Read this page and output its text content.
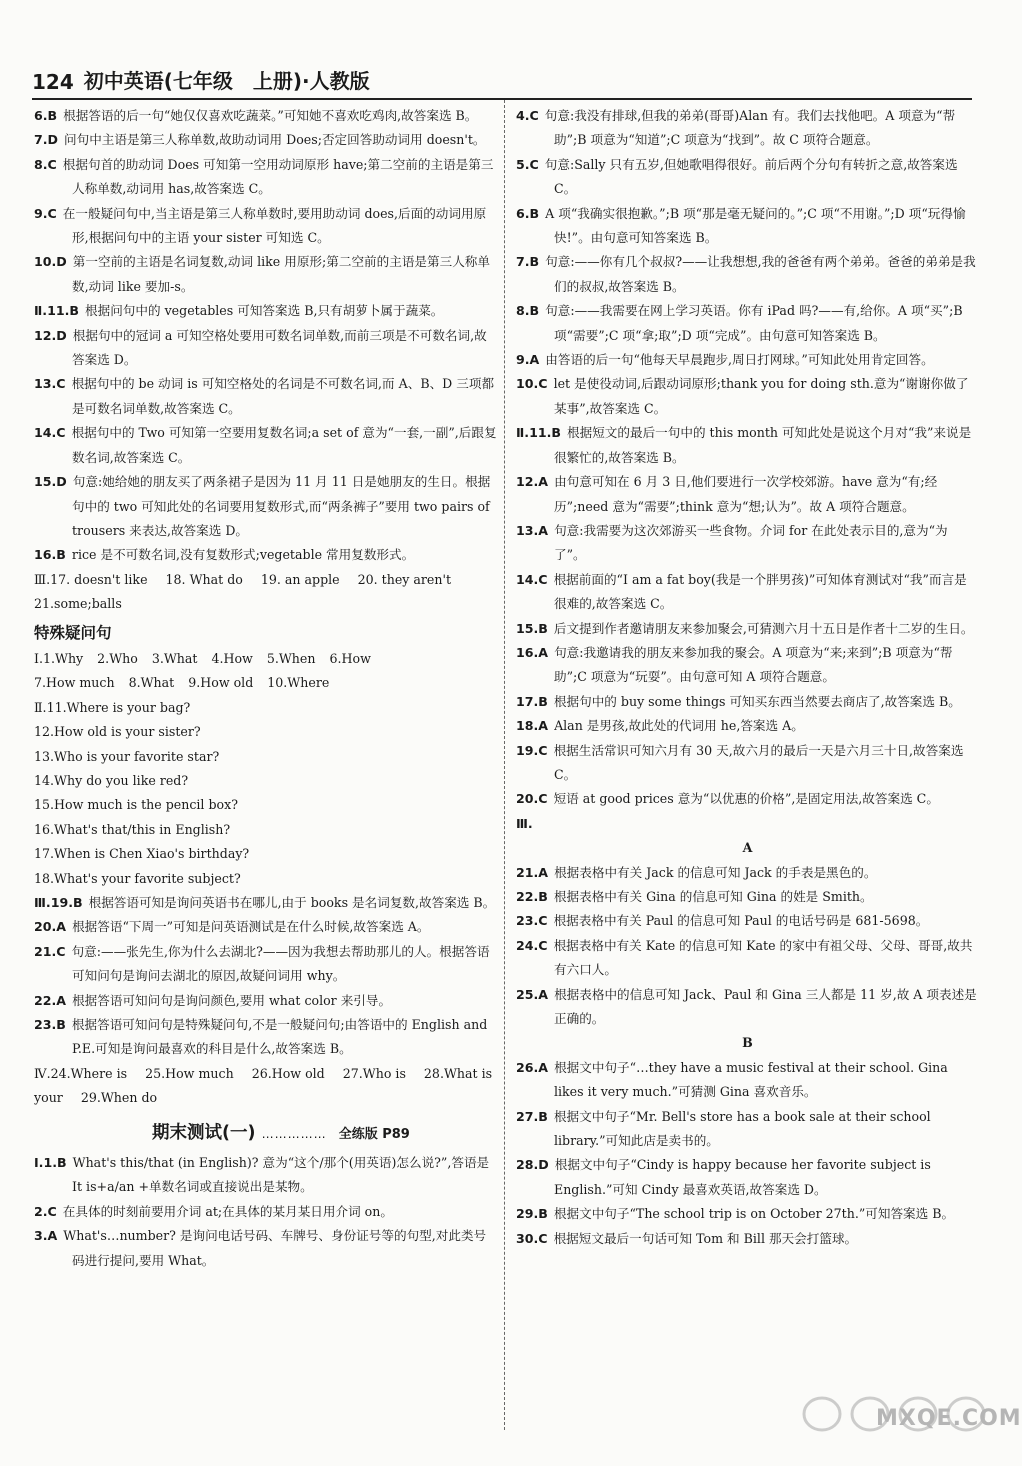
124 初中英语(七年级　上册)·人教版

6.B 根据答语的后一句“她仅仅喜欢吃蔬菜。”可知她不喜欢吃鸡肉,故答案选 B。

7.D 问句中主语是第三人称单数,故助动词用 Does;否定回答助动词用 doesn't。

8.C 根据句首的助动词 Does 可知第一空用动词原形 have;第二空前的主语是第三人称单数,动词用 has,故答案选 C。

9.C 在一般疑问句中,当主语是第三人称单数时,要用助动词 does,后面的动词用原形,根据问句中的主语 your sister 可知选 C。

10.D 第一空前的主语是名词复数,动词 like 用原形;第二空前的主语是第三人称单数,动词 like 要加-s。

Ⅱ.11.B 根据问句中的 vegetables 可知答案选 B,只有胡萝卜属于蔬菜。

12.D 根据句中的冠词 a 可知空格处要用可数名词单数,而前三项是不可数名词,故答案选 D。

13.C 根据句中的 be 动词 is 可知空格处的名词是不可数名词,而 A、B、D 三项都是可数名词单数,故答案选 C。

14.C 根据句中的 Two 可知第一空要用复数名词;a set of 意为“一套,一副”,后跟复数名词,故答案选 C。

15.D 句意:她给她的朋友买了两条裙子是因为 11 月 11 日是她朋友的生日。根据句中的 two 可知此处的名词要用复数形式,而“两条裤子”要用 two pairs of trousers 来表达,故答案选 D。

16.B rice 是不可数名词,没有复数形式;vegetable 常用复数形式。

Ⅲ.17. doesn't like 18. What do 19. an apple 20. they aren't

21.some;balls

特殊疑问句

Ⅰ.1.Why 2.Who 3.What 4.How 5.When 6.How

7.How much 8.What 9.How old 10.Where

Ⅱ.11.Where is your bag?

12.How old is your sister?

13.Who is your favorite star?

14.Why do you like red?

15.How much is the pencil box?

16.What's that/this in English?

17.When is Chen Xiao's birthday?

18.What's your favorite subject?

Ⅲ.19.B 根据答语可知是询问英语书在哪儿,由于 books 是名词复数,故答案选 B。

20.A 根据答语“下周一”可知是问英语测试是在什么时候,故答案选 A。

21.C 句意:——张先生,你为什么去湖北?——因为我想去帮助那儿的人。根据答语可知问句是询问去湖北的原因,故疑问词用 why。

22.A 根据答语可知问句是询问颜色,要用 what color 来引导。

23.B 根据答语可知问句是特殊疑问句,不是一般疑问句;由答语中的 English and P.E.可知是询问最喜欢的科目是什么,故答案选 B。

Ⅳ.24.Where is 25.How much 26.How old 27.Who is 28.What is

your 29.When do

期末测试(一) …………… 全练版 P89

Ⅰ.1.B What's this/that (in English)? 意为“这个/那个(用英语)怎么说?”,答语是 It is+a/an +单数名词或直接说出是某物。

2.C 在具体的时刻前要用介词 at;在具体的某月某日用介词 on。

3.A What's…number? 是询问电话号码、车牌号、身份证号等的句型,对此类号码进行提问,要用 What。

4.C 句意:我没有排球,但我的弟弟(哥哥)Alan 有。我们去找他吧。A 项意为“帮助”;B 项意为“知道”;C 项意为“找到”。故 C 项符合题意。

5.C 句意:Sally 只有五岁,但她歌唱得很好。前后两个分句有转折之意,故答案选 C。

6.B A 项“我确实很抱歉。”;B 项“那是毫无疑问的。”;C 项“不用谢。”;D 项“玩得愉快!”。由句意可知答案选 B。

7.B 句意:——你有几个叔叔?——让我想想,我的爸爸有两个弟弟。爸爸的弟弟是我们的叔叔,故答案选 B。

8.B 句意:——我需要在网上学习英语。你有 iPad 吗?——有,给你。A 项“买”;B 项“需要”;C 项“拿;取”;D 项“完成”。由句意可知答案选 B。

9.A 由答语的后一句“他每天早晨跑步,周日打网球。”可知此处用肯定回答。

10.C let 是使役动词,后跟动词原形;thank you for doing sth.意为“谢谢你做了某事”,故答案选 C。

Ⅱ.11.B 根据短文的最后一句中的 this month 可知此处是说这个月对“我”来说是很繁忙的,故答案选 B。

12.A 由句意可知在 6 月 3 日,他们要进行一次学校郊游。have 意为“有;经历”;need 意为“需要”;think 意为“想;认为”。故 A 项符合题意。

13.A 句意:我需要为这次郊游买一些食物。介词 for 在此处表示目的,意为“为了”。

14.C 根据前面的“I am a fat boy(我是一个胖男孩)”可知体育测试对“我”而言是很难的,故答案选 C。

15.B 后文提到作者邀请朋友来参加聚会,可猜测六月十五日是作者十二岁的生日。

16.A 句意:我邀请我的朋友来参加我的聚会。A 项意为“来;来到”;B 项意为“帮助”;C 项意为“玩耍”。由句意可知 A 项符合题意。

17.B 根据句中的 buy some things 可知买东西当然要去商店了,故答案选 B。

18.A Alan 是男孩,故此处的代词用 he,答案选 A。

19.C 根据生活常识可知六月有 30 天,故六月的最后一天是六月三十日,故答案选 C。

20.C 短语 at good prices 意为“以优惠的价格”,是固定用法,故答案选 C。

Ⅲ.

A

21.A 根据表格中有关 Jack 的信息可知 Jack 的手表是黑色的。

22.B 根据表格中有关 Gina 的信息可知 Gina 的姓是 Smith。

23.C 根据表格中有关 Paul 的信息可知 Paul 的电话号码是 681-5698。

24.C 根据表格中有关 Kate 的信息可知 Kate 的家中有祖父母、父母、哥哥,故共有六口人。

25.A 根据表格中的信息可知 Jack、Paul 和 Gina 三人都是 11 岁,故 A 项表述是正确的。

B

26.A 根据文中句子“…they have a music festival at their school. Gina likes it very much.”可猜测 Gina 喜欢音乐。

27.B 根据文中句子“Mr. Bell's store has a book sale at their school library.”可知此店是卖书的。

28.D 根据文中句子“Cindy is happy because her favorite subject is English.”可知 Cindy 最喜欢英语,故答案选 D。

29.B 根据文中句子“The school trip is on October 27th.”可知答案选 B。

30.C 根据短文最后一句话可知 Tom 和 Bill 那天会打篮球。

MXQE.COM
